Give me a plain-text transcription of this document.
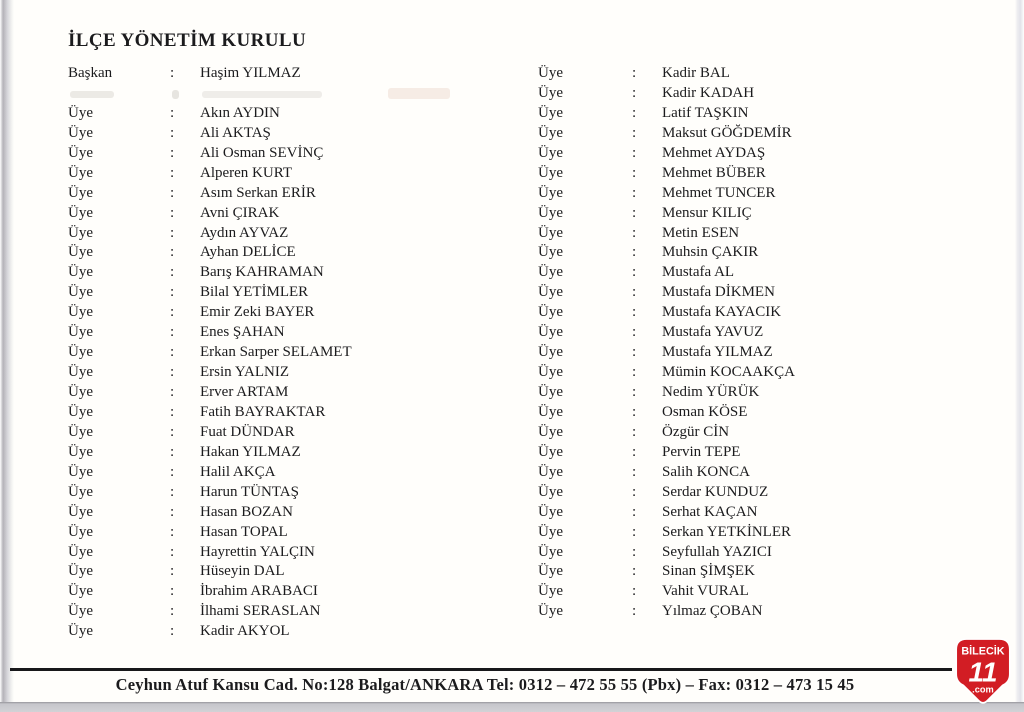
İLÇE YÖNETİM KURULU
Başkan	:	Haşim YILMAZ
Üye	:	Akın AYDIN
Üye	:	Ali AKTAŞ
Üye	:	Ali Osman SEVİNÇ
Üye	:	Alperen KURT
Üye	:	Asım Serkan ERİR
Üye	:	Avni ÇIRAK
Üye	:	Aydın AYVAZ
Üye	:	Ayhan DELİCE
Üye	:	Barış KAHRAMAN
Üye	:	Bilal YETİMLER
Üye	:	Emir Zeki BAYER
Üye	:	Enes ŞAHAN
Üye	:	Erkan Sarper SELAMET
Üye	:	Ersin YALNIZ
Üye	:	Erver ARTAM
Üye	:	Fatih BAYRAKTAR
Üye	:	Fuat DÜNDAR
Üye	:	Hakan YILMAZ
Üye	:	Halil AKÇA
Üye	:	Harun TÜNTAŞ
Üye	:	Hasan BOZAN
Üye	:	Hasan TOPAL
Üye	:	Hayrettin YALÇIN
Üye	:	Hüseyin DAL
Üye	:	İbrahim ARABACI
Üye	:	İlhami SERASLAN
Üye	:	Kadir AKYOL
Üye	:	Kadir BAL
Üye	:	Kadir KADAH
Üye	:	Latif TAŞKIN
Üye	:	Maksut GÖĞDEMİR
Üye	:	Mehmet AYDAŞ
Üye	:	Mehmet BÜBER
Üye	:	Mehmet TUNCER
Üye	:	Mensur KILIÇ
Üye	:	Metin ESEN
Üye	:	Muhsin ÇAKIR
Üye	:	Mustafa AL
Üye	:	Mustafa DİKMEN
Üye	:	Mustafa KAYACIK
Üye	:	Mustafa YAVUZ
Üye	:	Mustafa YILMAZ
Üye	:	Mümin KOCAAKÇA
Üye	:	Nedim YÜRÜK
Üye	:	Osman KÖSE
Üye	:	Özgür CİN
Üye	:	Pervin TEPE
Üye	:	Salih KONCA
Üye	:	Serdar KUNDUZ
Üye	:	Serhat KAÇAN
Üye	:	Serkan YETKİNLER
Üye	:	Seyfullah YAZICI
Üye	:	Sinan ŞİMŞEK
Üye	:	Vahit VURAL
Üye	:	Yılmaz ÇOBAN
Ceyhun Atuf Kansu Cad. No:128 Balgat/ANKARA Tel: 0312 – 472 55 55 (Pbx) – Fax: 0312 – 473 15 45
BİLECİK
11
.com
